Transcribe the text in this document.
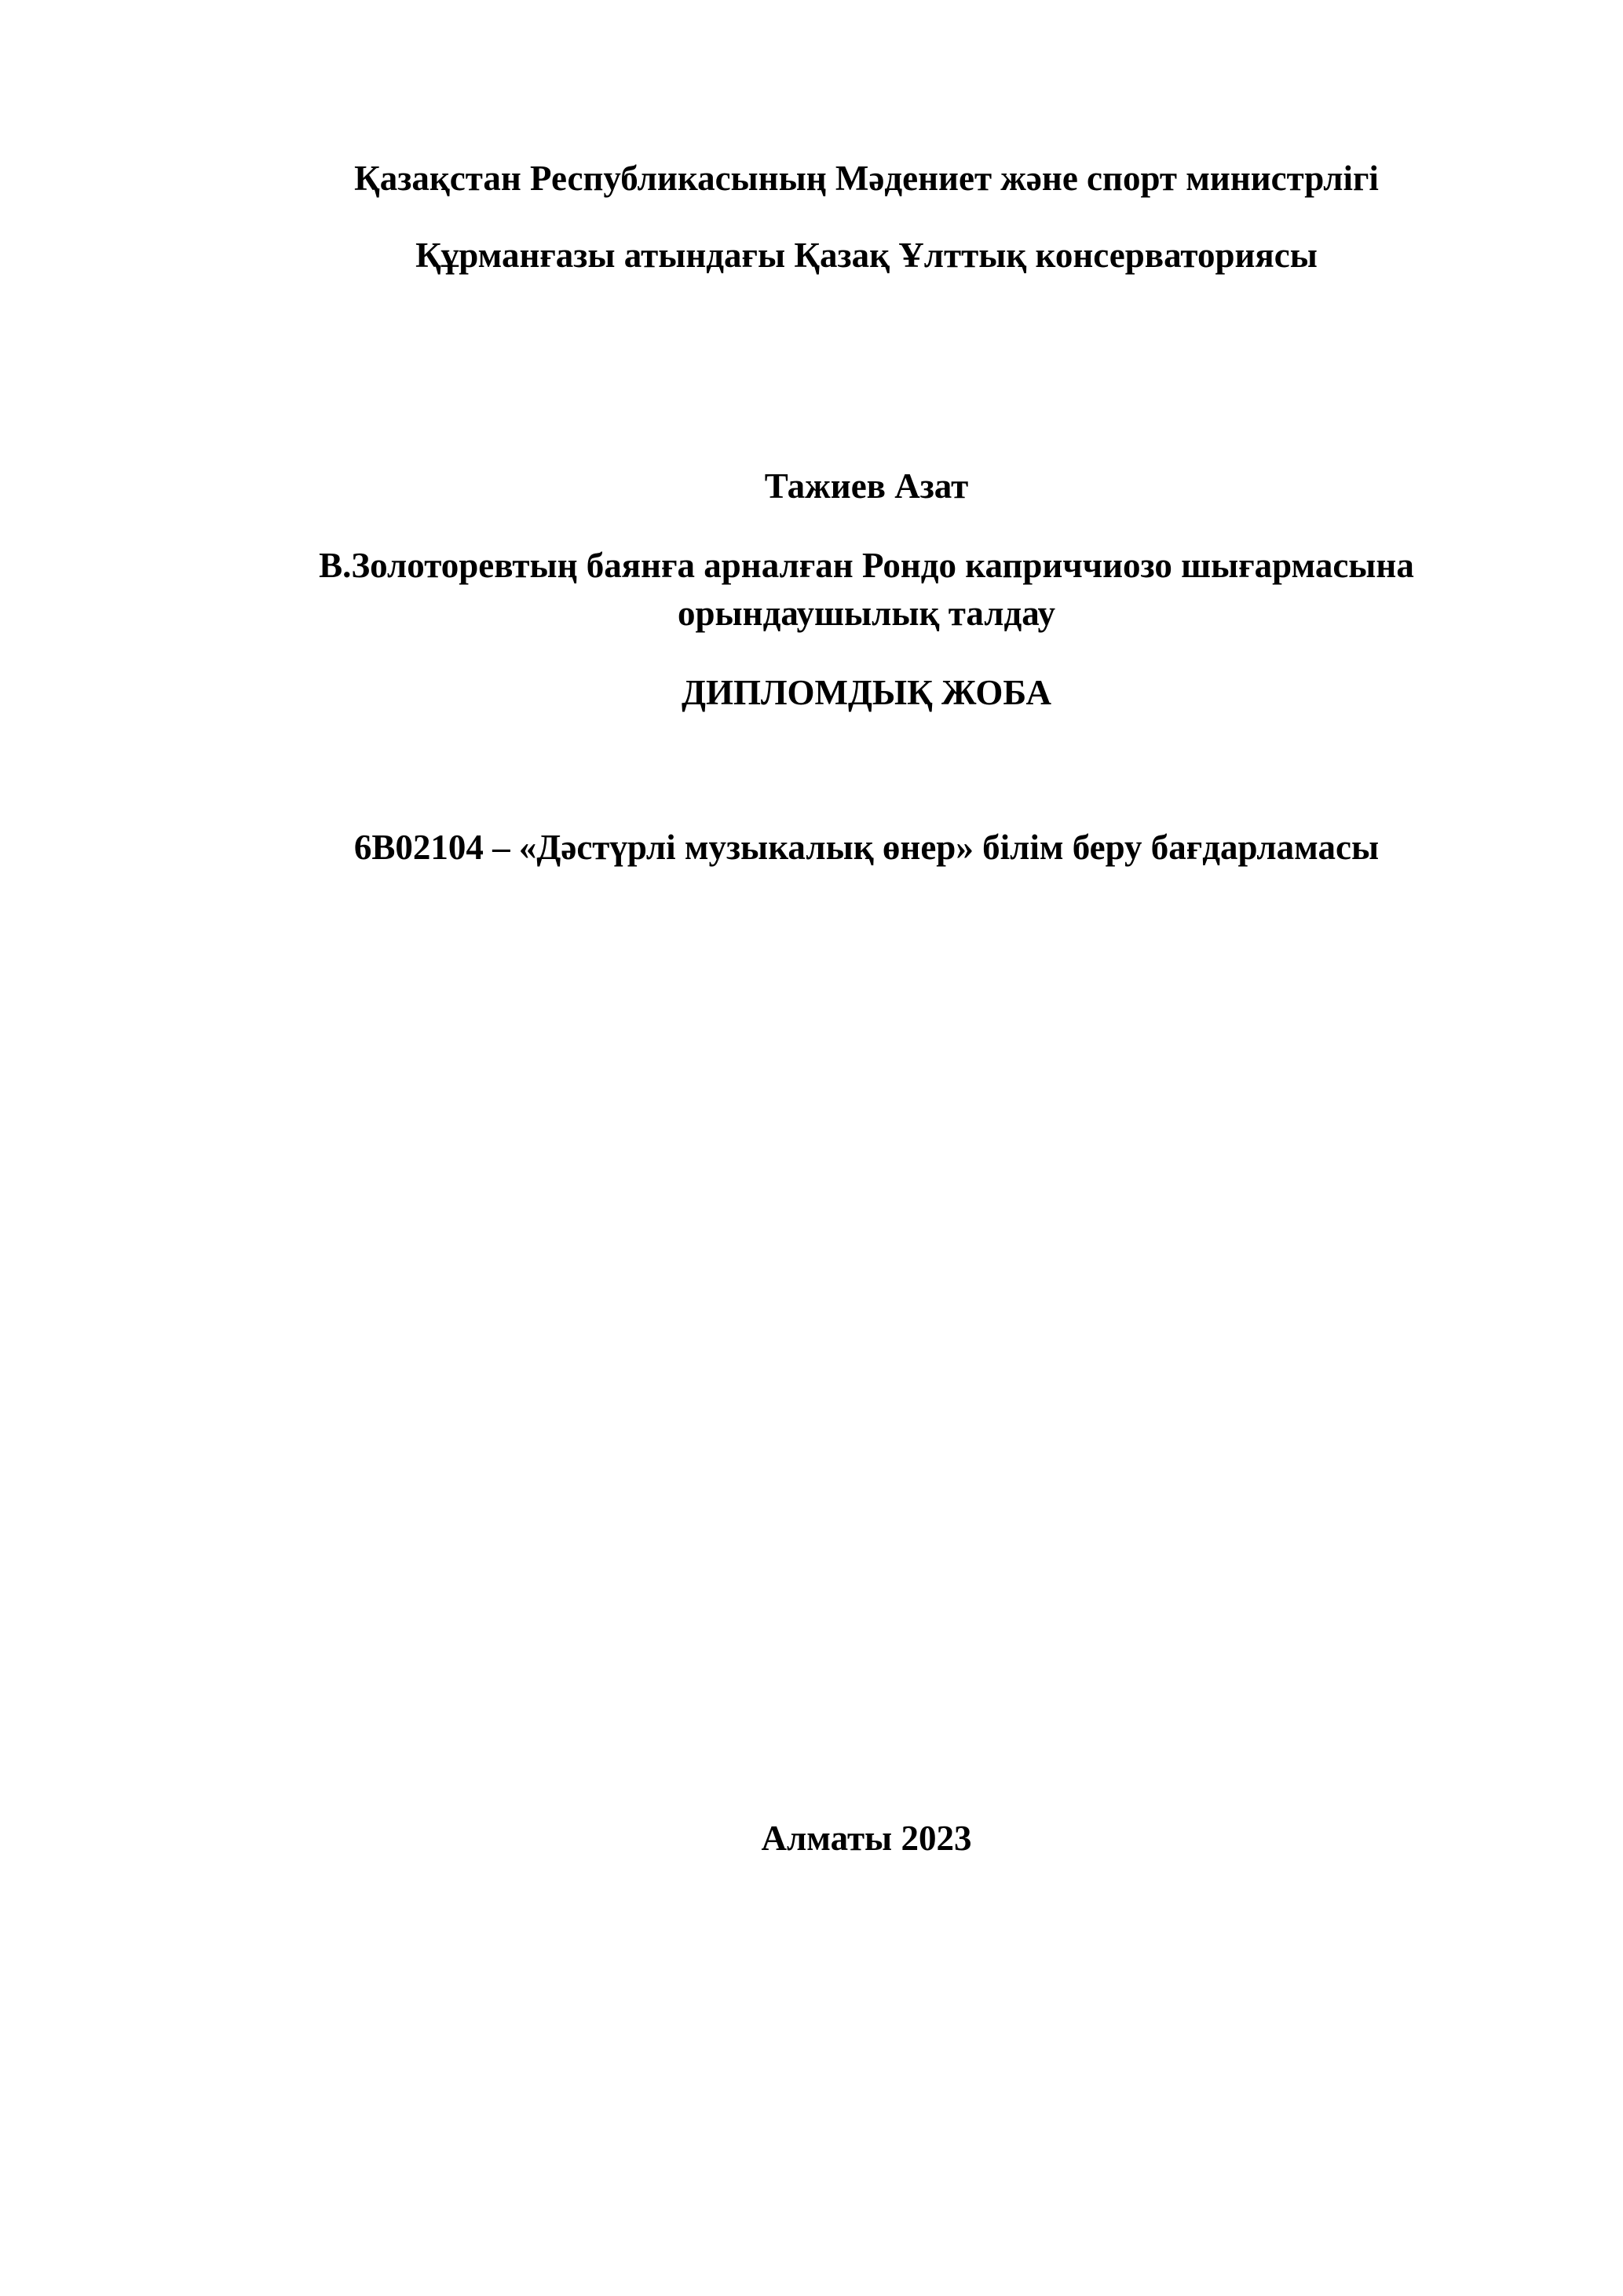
Қазақстан Республикасының Мәдениет және спорт министрлігі
Құрманғазы атындағы Қазақ Ұлттық консерваториясы
Тажиев Азат
В.Золоторевтың баянға арналған Рондо каприччиозо шығармасына
орындаушылық талдау
ДИПЛОМДЫҚ ЖОБА
6В02104 – «Дәстүрлі музыкалық өнер» білім беру бағдарламасы
Алматы 2023
